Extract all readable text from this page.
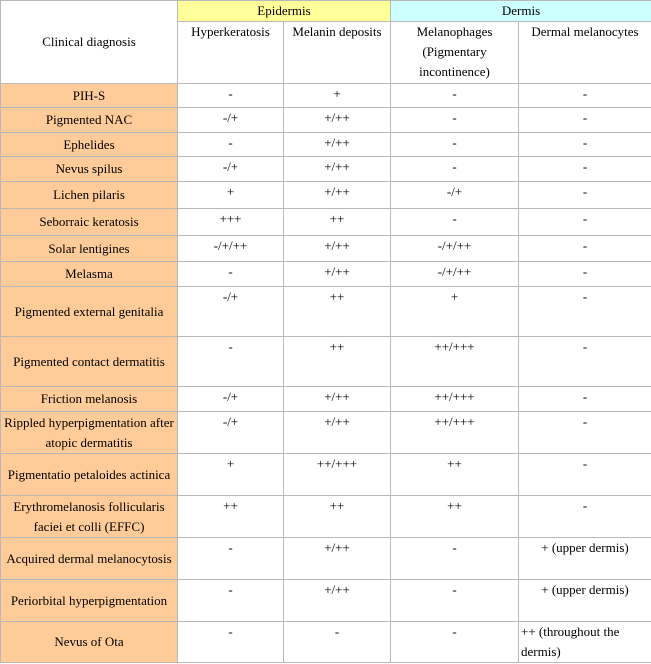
Clinical diagnosis	Epidermis		Dermis	
	Hyperkeratosis	Melanin deposits	Melanophages (Pigmentary incontinence)	Dermal melanocytes
PIH-S	-	+	-	-
Pigmented NAC	-/+	+/++	-	-
Ephelides	-	+/++	-	-
Nevus spilus	-/+	+/++	-	-
Lichen pilaris	+	+/++	-/+	-
Seborraic keratosis	+++	++	-	-
Solar lentigines	-/+/++	+/++	-/+/++	-
Melasma	-	+/++	-/+/++	-
Pigmented external genitalia	-/+	++	+	-
Pigmented contact dermatitis	-	++	++/+++	-
Friction melanosis	-/+	+/++	++/+++	-
Rippled hyperpigmentation after atopic dermatitis	-/+	+/++	++/+++	-
Pigmentatio petaloides actinica	+	++/+++	++	-
Erythromelanosis follicularis faciei et colli (EFFC)	++	++	++	-
Acquired dermal melanocytosis	-	+/++	-	+ (upper dermis)
Periorbital hyperpigmentation	-	+/++	-	+ (upper dermis)
Nevus of Ota	-	-	-	++ (throughout the dermis)
